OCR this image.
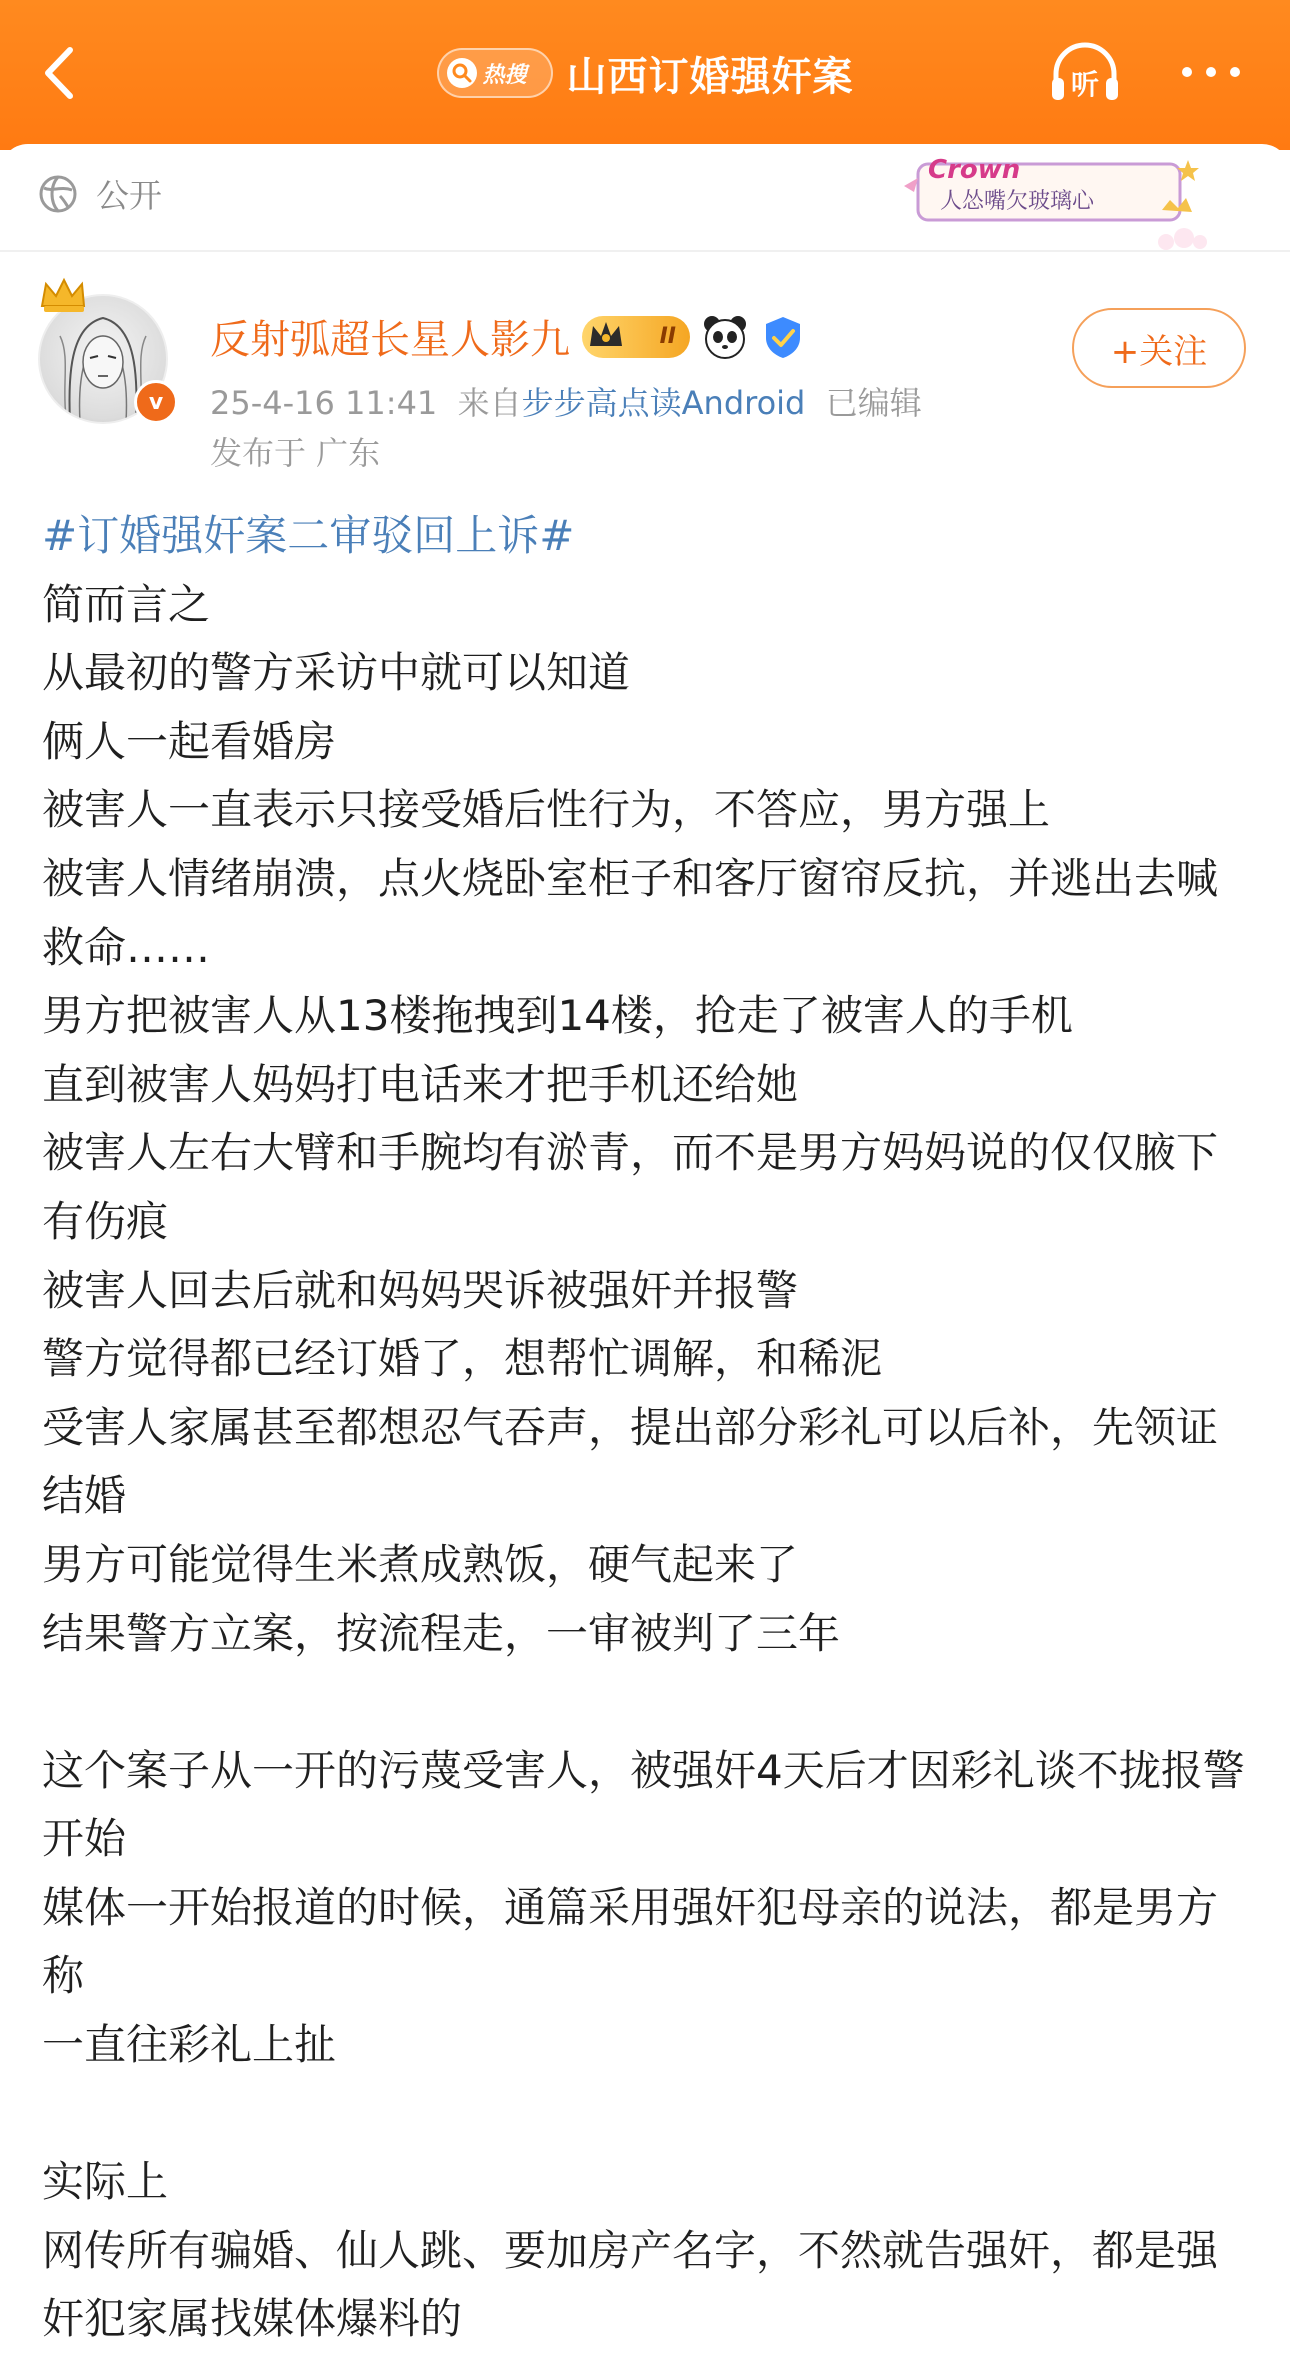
热搜 山西订婚强奸案	听
公开
Crown
人怂嘴欠玻璃心
v
反射弧超长星人影九	II	+关注
25-4-16 11:41 来自步步高点读Android 已编辑
发布于 广东

#订婚强奸案二审驳回上诉#

简而言之

从最初的警方采访中就可以知道

俩人一起看婚房

被害人一直表示只接受婚后性行为，不答应，男方强上

被害人情绪崩溃，点火烧卧室柜子和客厅窗帘反抗，并逃出去喊救命……

男方把被害人从13楼拖拽到14楼，抢走了被害人的手机

直到被害人妈妈打电话来才把手机还给她

被害人左右大臂和手腕均有淤青，而不是男方妈妈说的仅仅腋下有伤痕

被害人回去后就和妈妈哭诉被强奸并报警

警方觉得都已经订婚了，想帮忙调解，和稀泥

受害人家属甚至都想忍气吞声，提出部分彩礼可以后补，先领证结婚

男方可能觉得生米煮成熟饭，硬气起来了

结果警方立案，按流程走，一审被判了三年

这个案子从一开的污蔑受害人，被强奸4天后才因彩礼谈不拢报警开始

媒体一开始报道的时候，通篇采用强奸犯母亲的说法，都是男方称

一直往彩礼上扯

实际上

网传所有骗婚、仙人跳、要加房产名字，不然就告强奸，都是强奸犯家属找媒体爆料的
